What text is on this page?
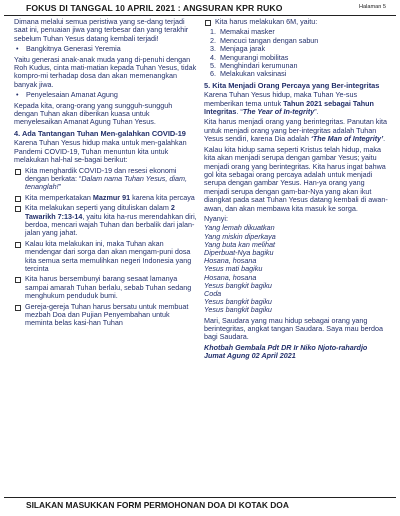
FOKUS DI TANGGAL 10 APRIL 2021 : ANGSURAN KPR RUKO	Halaman 5

Dimana melalui semua peristiwa yang se-dang terjadi saat ini, penuaian jiwa yang terbesar dan yang terakhir sebelum Tuhan Yesus datang kembali terjadi!

• Bangkitnya Generasi Yeremia

Yaitu generasi anak-anak muda yang di-penuhi dengan Roh Kudus, cinta mati-matian kepada Tuhan Yesus, tidak kompro-mi terhadap dosa dan akan memenangkan banyak jiwa.

• Penyelesaian Amanat Agung

Kepada kita, orang-orang yang sungguh-sungguh dengan Tuhan akan diberikan kuasa untuk menyelesaikan Amanat Agung Tuhan Yesus.

4. Ada Tantangan Tuhan Men-galahkan COVID-19

Karena Tuhan Yesus hidup maka untuk men-galahkan Pandemi COVID-19, Tuhan menuntun kita untuk melakukan hal-hal se-bagai berikut:

Kita menghardik COVID-19 dan resesi ekonomi dengan berkata: “Dalam nama Tuhan Yesus, diam, tenanglah!”
Kita memperkatakan Mazmur 91 karena kita percaya
Kita melakukan seperti yang dituliskan dalam 2 Tawarikh 7:13-14, yaitu kita ha-rus merendahkan diri, berdoa, mencari wajah Tuhan dan berbalik dari jalan-jalan yang jahat.
Kalau kita melakukan ini, maka Tuhan akan mendengar dari sorga dan akan mengam-puni dosa kita semua serta memulihkan negeri Indonesia yang tercinta
Kita harus bersembunyi barang sesaat lamanya sampai amarah Tuhan berlalu, sebab Tuhan sedang menghukum penduduk bumi.
Gereja-gereja Tuhan harus bersatu untuk membuat mezbah Doa dan Pujian Penyembahan untuk meminta belas kasi-han Tuhan
Kita harus melakukan 6M, yaitu:
1. Memakai masker
2. Mencuci tangan dengan sabun
3. Menjaga jarak
4. Mengurangi mobilitas
5. Menghindari kerumunan
6. Melakukan vaksinasi
5. Kita Menjadi Orang Percaya yang Ber-integritas

Karena Tuhan Yesus hidup, maka Tuhan Ye-sus memberikan tema untuk Tahun 2021 sebagai Tahun Integritas. “The Year of In-tegrity”.

Kita harus menjadi orang yang berintegritas. Panutan kita untuk menjadi orang yang ber-integritas adalah Tuhan Yesus sendiri, karena Dia adalah ‘The Man of Integrity’.

Kalau kita hidup sama seperti Kristus telah hidup, maka kita akan menjadi serupa dengan gambar Yesus; yaitu menjadi orang yang berintegritas. Kita harus ingat bahwa gol kita sebagai orang percaya adalah untuk menjadi serupa dengan gambar Yesus. Han-ya orang yang menjadi serupa dengan gam-bar-Nya yang akan ikut diangkat pada saat Tuhan Yesus datang kembali di awan-awan, dan akan membawa kita masuk ke sorga.

Nyanyi:

Yang lemah dikuatkan
Yang miskin diperkaya
Yang buta kan melihat
Diperbuat-Nya bagiku
Hosana, hosana
Yesus mati bagiku
Hosana, hosana
Yesus bangkit bagiku
Coda
Yesus bangkit bagiku
Yesus bangkit bagiku

Mari, Saudara yang mau hidup sebagai orang yang berintegritas, angkat tangan Saudara. Saya mau berdoa bagi Saudara.

Khotbah Gembala Pdt DR Ir Niko Njoto-rahardjo Jumat Agung 02 April 2021

SILAKAN MASUKKAN FORM PERMOHONAN DOA DI KOTAK DOA
